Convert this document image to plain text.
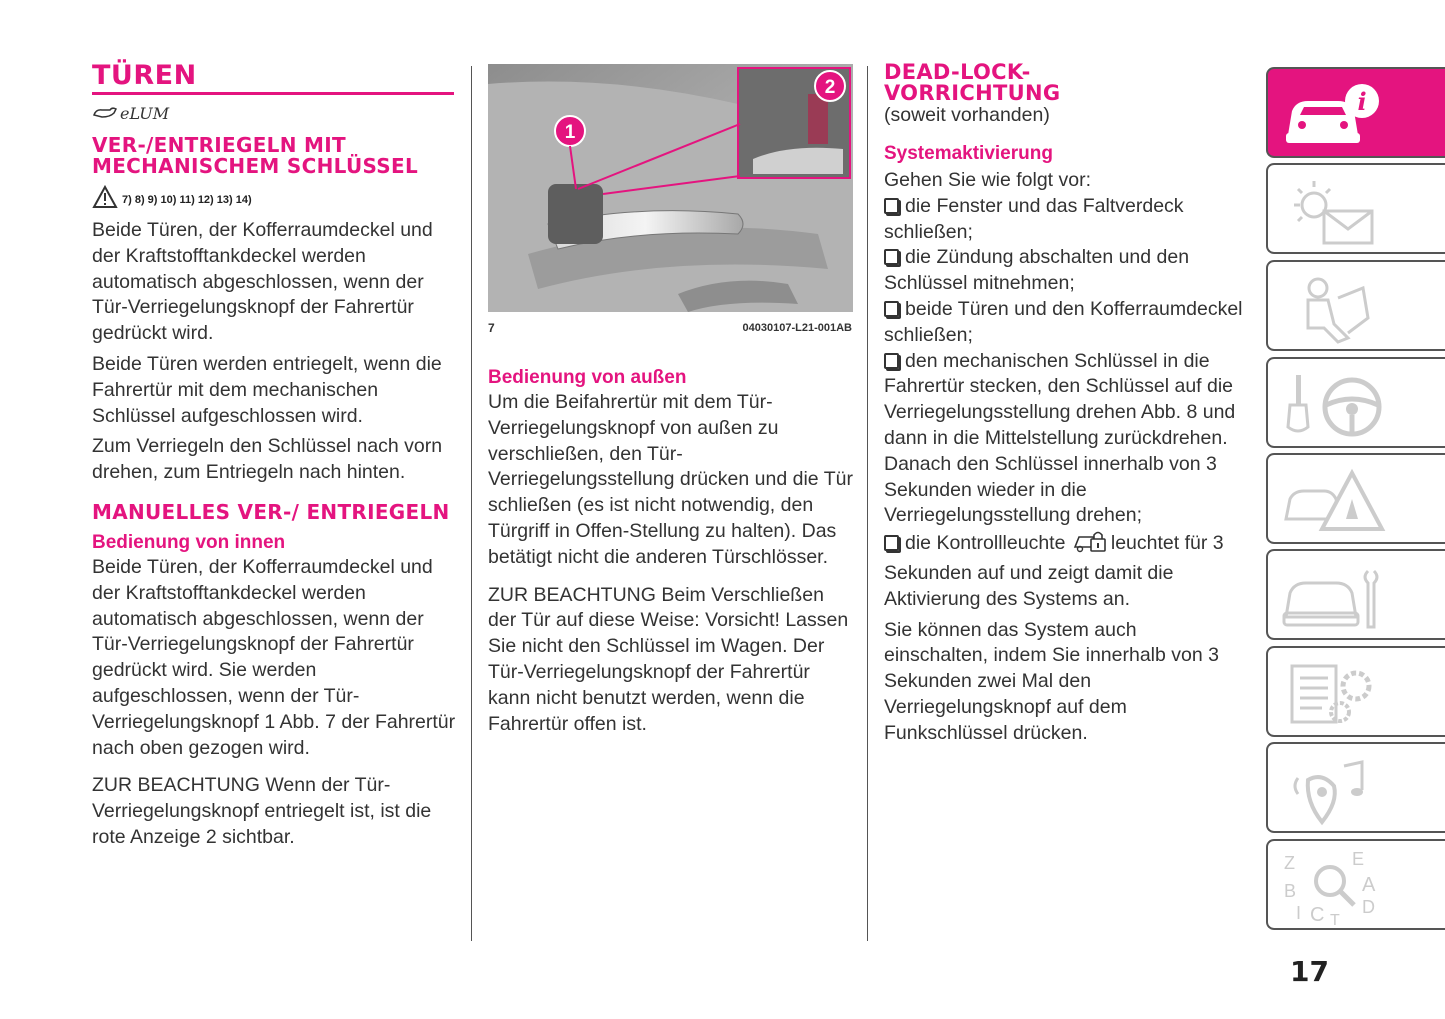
TÜREN
eLUM
VER-/ENTRIEGELN MIT MECHANISCHEM SCHLÜSSEL
7) 8) 9) 10) 11) 12) 13) 14)

Beide Türen, der Kofferraumdeckel und der Kraftstofftankdeckel werden automatisch abgeschlossen, wenn der Tür-Verriegelungsknopf der Fahrertür gedrückt wird.

Beide Türen werden entriegelt, wenn die Fahrertür mit dem mechanischen Schlüssel aufgeschlossen wird.

Zum Verriegeln den Schlüssel nach vorn drehen, zum Entriegeln nach hinten.

MANUELLES VER-/ ENTRIEGELN
Bedienung von innen

Beide Türen, der Kofferraumdeckel und der Kraftstofftankdeckel werden automatisch abgeschlossen, wenn der Tür-Verriegelungsknopf der Fahrertür gedrückt wird. Sie werden aufgeschlossen, wenn der Tür-Verriegelungsknopf 1 Abb. 7 der Fahrertür nach oben gezogen wird.

ZUR BEACHTUNG Wenn der Tür-Verriegelungsknopf entriegelt ist, ist die rote Anzeige 2 sichtbar.

1
2
7	04030107-L21-001AB
Bedienung von außen

Um die Beifahrertür mit dem Tür-Verriegelungsknopf von außen zu verschließen, den Tür-Verriegelungsstellung drücken und die Tür schließen (es ist nicht notwendig, den Türgriff in Offen-Stellung zu halten). Das betätigt nicht die anderen Türschlösser.

ZUR BEACHTUNG Beim Verschließen der Tür auf diese Weise: Vorsicht! Lassen Sie nicht den Schlüssel im Wagen. Der Tür-Verriegelungsknopf der Fahrertür kann nicht benutzt werden, wenn die Fahrertür offen ist.

DEAD-LOCK-
VORRICHTUNG

(soweit vorhanden)

Systemaktivierung

Gehen Sie wie folgt vor:

die Fenster und das Faltverdeck schließen;

die Zündung abschalten und den Schlüssel mitnehmen;

beide Türen und den Kofferraumdeckel schließen;

den mechanischen Schlüssel in die Fahrertür stecken, den Schlüssel auf die Verriegelungsstellung drehen Abb. 8 und dann in die Mittelstellung zurückdrehen. Danach den Schlüssel innerhalb von 3 Sekunden wieder in die Verriegelungsstellung drehen;

die Kontrollleuchte leuchtet für 3 Sekunden auf und zeigt damit die Aktivierung des Systems an.

Sie können das System auch einschalten, indem Sie innerhalb von 3 Sekunden zwei Mal den Verriegelungsknopf auf dem Funkschlüssel drücken.

i
Z	E
A
B
C D
I T
17
